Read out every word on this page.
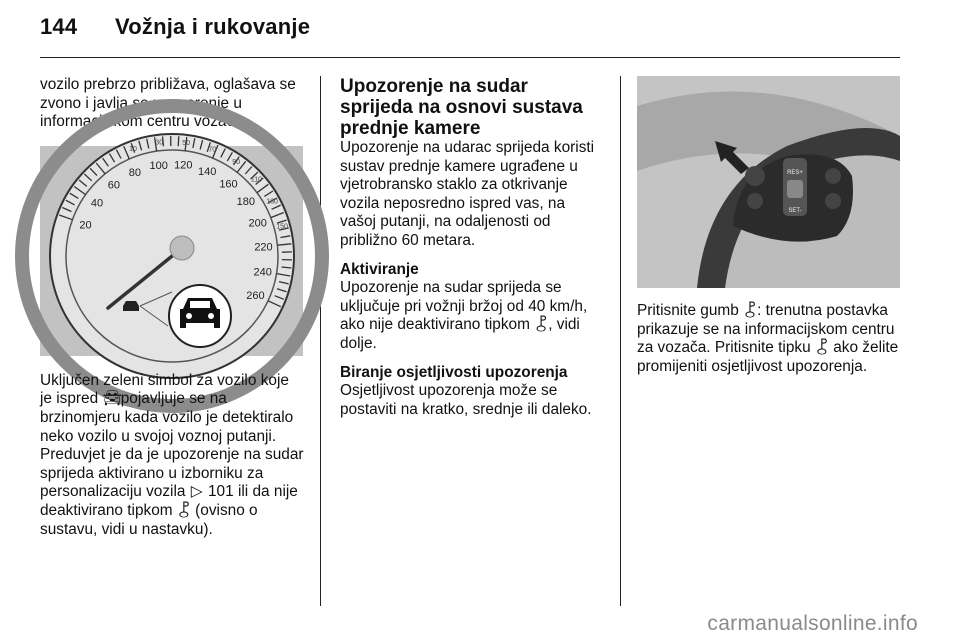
144 Vožnja i rukovanje

vozilo prebrzo približava, oglašava se zvono i javlja se upozorenje u informacijskom centru vozača.

20
40
60
80
100 120
140
160
180
200
220
240
260
10
30	50
70
90
110
130
150

Uključen zeleni simbol za vozilo koje je ispred 🚘︎ pojavljuje se na brzinomjeru kada vozilo je detektiralo neko vozilo u svojoj voznoj putanji. Preduvjet je da je upozorenje na sudar sprijeda aktivirano u izborniku za personalizaciju vozila ▷ 101 ili da nije deaktivirano tipkom ⯛ (ovisno o sustavu, vidi u nastavku).

Upozorenje na sudar sprijeda na osnovi sustava prednje kamere

Upozorenje na udarac sprijeda koristi sustav prednje kamere ugrađene u vjetrobransko staklo za otkrivanje vozila neposredno ispred vas, na vašoj putanji, na odaljenosti od približno 60 metara.

Aktiviranje

Upozorenje na sudar sprijeda se uključuje pri vožnji bržoj od 40 km/h, ako nije deaktivirano tipkom ⯛ , vidi dolje.

Biranje osjetljivosti upozorenja

Osjetljivost upozorenja može se postaviti na kratko, srednje ili daleko.

RES+
SET-

Pritisnite gumb ⯛ : trenutna postavka prikazuje se na informacijskom centru za vozača. Pritisnite tipku ⯛ ako želite promijeniti osjetljivost upozorenja.

carmanualsonline.info
